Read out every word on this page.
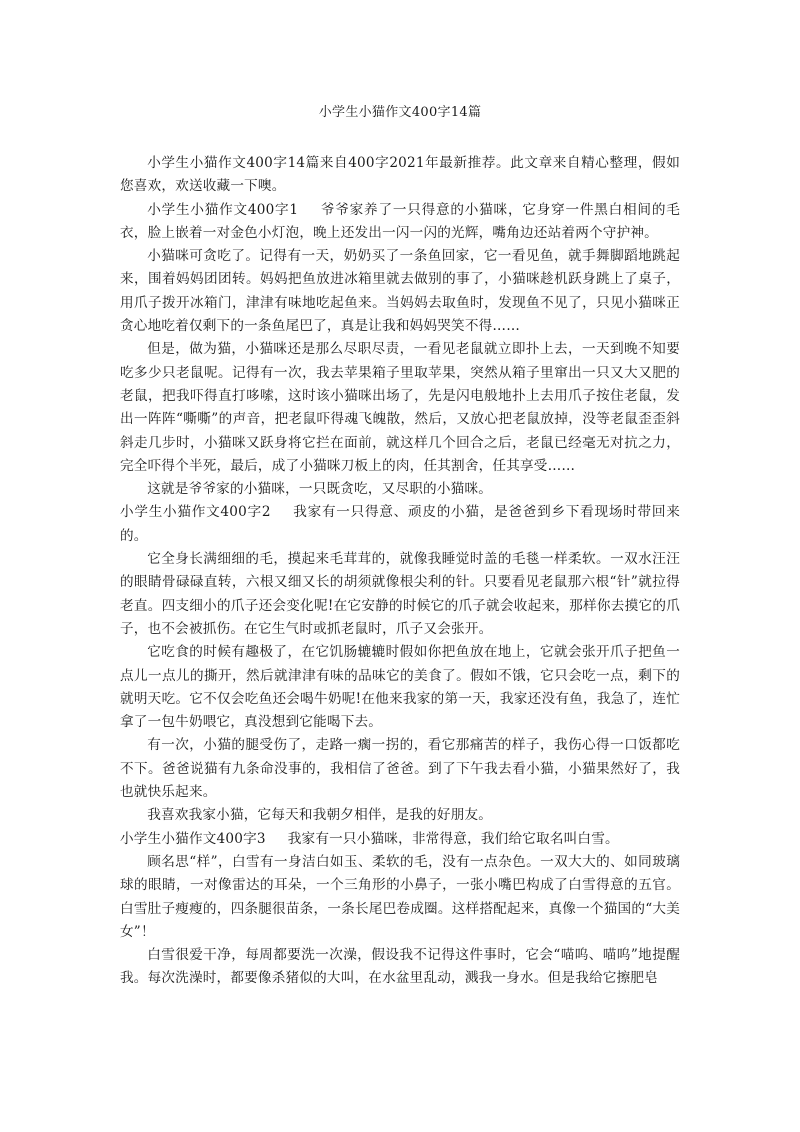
小学生小猫作文400字14篇

小学生小猫作文400字14篇来自400字2021年最新推荐。此文章来自精心整理，假如您喜欢，欢送收藏一下噢。

小学生小猫作文400字1 爷爷家养了一只得意的小猫咪，它身穿一件黑白相间的毛衣，脸上嵌着一对金色小灯泡，晚上还发出一闪一闪的光辉，嘴角边还站着两个守护神。

小猫咪可贪吃了。记得有一天，奶奶买了一条鱼回家，它一看见鱼，就手舞脚蹈地跳起来，围着妈妈团团转。妈妈把鱼放进冰箱里就去做别的事了，小猫咪趁机跃身跳上了桌子，用爪子拨开冰箱门，津津有味地吃起鱼来。当妈妈去取鱼时，发现鱼不见了，只见小猫咪正贪心地吃着仅剩下的一条鱼尾巴了，真是让我和妈妈哭笑不得……

但是，做为猫，小猫咪还是那么尽职尽责，一看见老鼠就立即扑上去，一天到晚不知要吃多少只老鼠呢。记得有一次，我去苹果箱子里取苹果，突然从箱子里窜出一只又大又肥的老鼠，把我吓得直打哆嗦，这时该小猫咪出场了，先是闪电般地扑上去用爪子按住老鼠，发出一阵阵“嘶嘶”的声音，把老鼠吓得魂飞魄散，然后，又放心把老鼠放掉，没等老鼠歪歪斜斜走几步时，小猫咪又跃身将它拦在面前，就这样几个回合之后，老鼠已经毫无对抗之力，完全吓得个半死，最后，成了小猫咪刀板上的肉，任其割舍，任其享受……

这就是爷爷家的小猫咪，一只既贪吃，又尽职的小猫咪。

小学生小猫作文400字2 我家有一只得意、顽皮的小猫，是爸爸到乡下看现场时带回来的。

它全身长满细细的毛，摸起来毛茸茸的，就像我睡觉时盖的毛毯一样柔软。一双水汪汪的眼睛骨碌碌直转，六根又细又长的胡须就像根尖利的针。只要看见老鼠那六根“针”就拉得老直。四支细小的爪子还会变化呢!在它安静的时候它的爪子就会收起来，那样你去摸它的爪子，也不会被抓伤。在它生气时或抓老鼠时，爪子又会张开。

它吃食的时候有趣极了，在它饥肠辘辘时假如你把鱼放在地上，它就会张开爪子把鱼一点儿一点儿的撕开，然后就津津有味的品味它的美食了。假如不饿，它只会吃一点，剩下的就明天吃。它不仅会吃鱼还会喝牛奶呢!在他来我家的第一天，我家还没有鱼，我急了，连忙拿了一包牛奶喂它，真没想到它能喝下去。

有一次，小猫的腿受伤了，走路一瘸一拐的，看它那痛苦的样子，我伤心得一口饭都吃不下。爸爸说猫有九条命没事的，我相信了爸爸。到了下午我去看小猫，小猫果然好了，我也就快乐起来。

我喜欢我家小猫，它每天和我朝夕相伴，是我的好朋友。

小学生小猫作文400字3 我家有一只小猫咪，非常得意，我们给它取名叫白雪。

顾名思“样”，白雪有一身洁白如玉、柔软的毛，没有一点杂色。一双大大的、如同玻璃球的眼睛，一对像雷达的耳朵，一个三角形的小鼻子，一张小嘴巴构成了白雪得意的五官。白雪肚子瘦瘦的，四条腿很苗条，一条长尾巴卷成圈。这样搭配起来，真像一个猫国的“大美女”！

白雪很爱干净，每周都要洗一次澡，假设我不记得这件事时，它会“喵呜、喵呜”地提醒我。每次洗澡时，都要像杀猪似的大叫，在水盆里乱动，溅我一身水。但是我给它擦肥皂
